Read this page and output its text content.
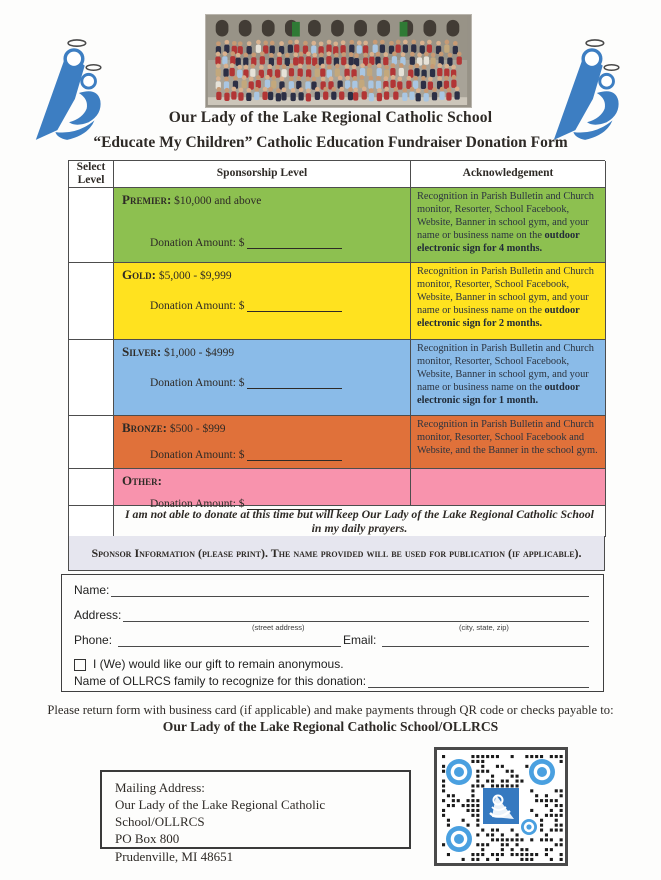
Our Lady of the Lake Regional Catholic School
“Educate My Children” Catholic Education Fundraiser Donation Form
Select Level
Sponsorship Level	Acknowledgement
Premier: $10,000 and above
Donation Amount: $
Recognition in Parish Bulletin and Church monitor, Resorter, School Facebook, Website, Banner in school gym, and your name or business name on the outdoor electronic sign for 4 months.
Gold: $5,000 - $9,999
Donation Amount: $
Recognition in Parish Bulletin and Church monitor, Resorter, School Facebook, Website, Banner in school gym, and your name or business name on the outdoor electronic sign for 2 months.
Silver: $1,000 - $4999
Donation Amount: $
Recognition in Parish Bulletin and Church monitor, Resorter, School Facebook, Website, Banner in school gym, and your name or business name on the outdoor electronic sign for 1 month.
Bronze: $500 - $999
Donation Amount: $
Recognition in Parish Bulletin and Church monitor, Resorter, School Facebook and Website, and the Banner in the school gym.
Other:
Donation Amount: $
I am not able to donate at this time but will keep Our Lady of the Lake Regional Catholic School in my daily prayers.
Sponsor Information (please print). The name provided will be used for publication (if applicable).
Name:
Address:
(street address)	(city, state, zip)
Phone:	Email:
I (We) would like our gift to remain anonymous.
Name of OLLRCS family to recognize for this donation:
Please return form with business card (if applicable) and make payments through QR code or checks payable to:
Our Lady of the Lake Regional Catholic School/OLLRCS
Mailing Address:
Our Lady of the Lake Regional Catholic School/OLLRCS
PO Box 800
Prudenville, MI 48651
